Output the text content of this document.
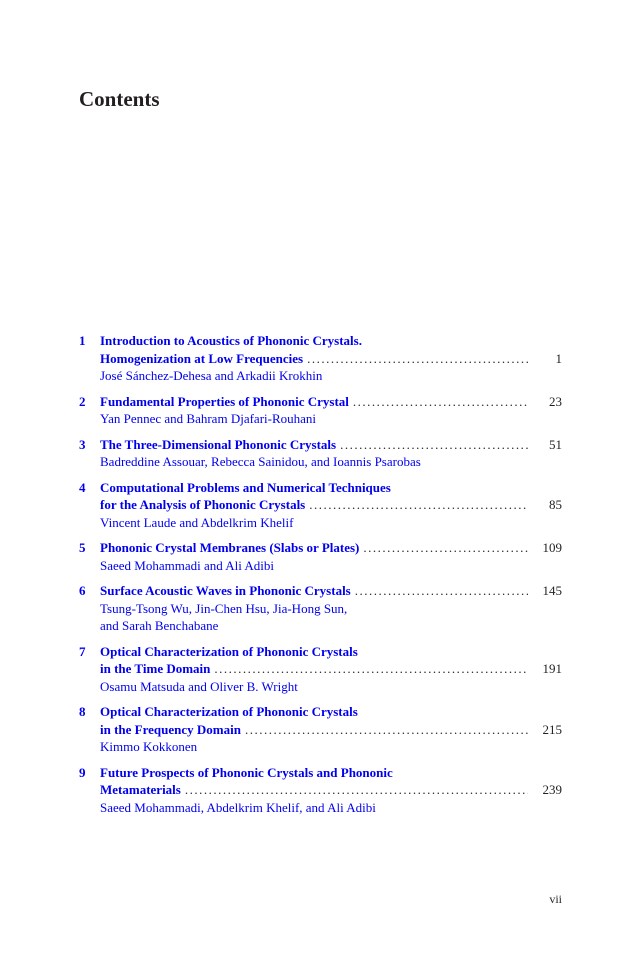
Contents
1 Introduction to Acoustics of Phononic Crystals.
Homogenization at Low Frequencies .....	1
José Sánchez-Dehesa and Arkadii Krokhin
2 Fundamental Properties of Phononic Crystal .....	23
Yan Pennec and Bahram Djafari-Rouhani
3 The Three-Dimensional Phononic Crystals .....	51
Badreddine Assouar, Rebecca Sainidou, and Ioannis Psarobas
4 Computational Problems and Numerical Techniques
for the Analysis of Phononic Crystals .....	85
Vincent Laude and Abdelkrim Khelif
5 Phononic Crystal Membranes (Slabs or Plates) .....	109
Saeed Mohammadi and Ali Adibi
6 Surface Acoustic Waves in Phononic Crystals .....	145
Tsung-Tsong Wu, Jin-Chen Hsu, Jia-Hong Sun,
and Sarah Benchabane
7 Optical Characterization of Phononic Crystals
in the Time Domain .....	191
Osamu Matsuda and Oliver B. Wright
8 Optical Characterization of Phononic Crystals
in the Frequency Domain .....	215
Kimmo Kokkonen
9 Future Prospects of Phononic Crystals and Phononic
Metamaterials .....	239
Saeed Mohammadi, Abdelkrim Khelif, and Ali Adibi
vii
